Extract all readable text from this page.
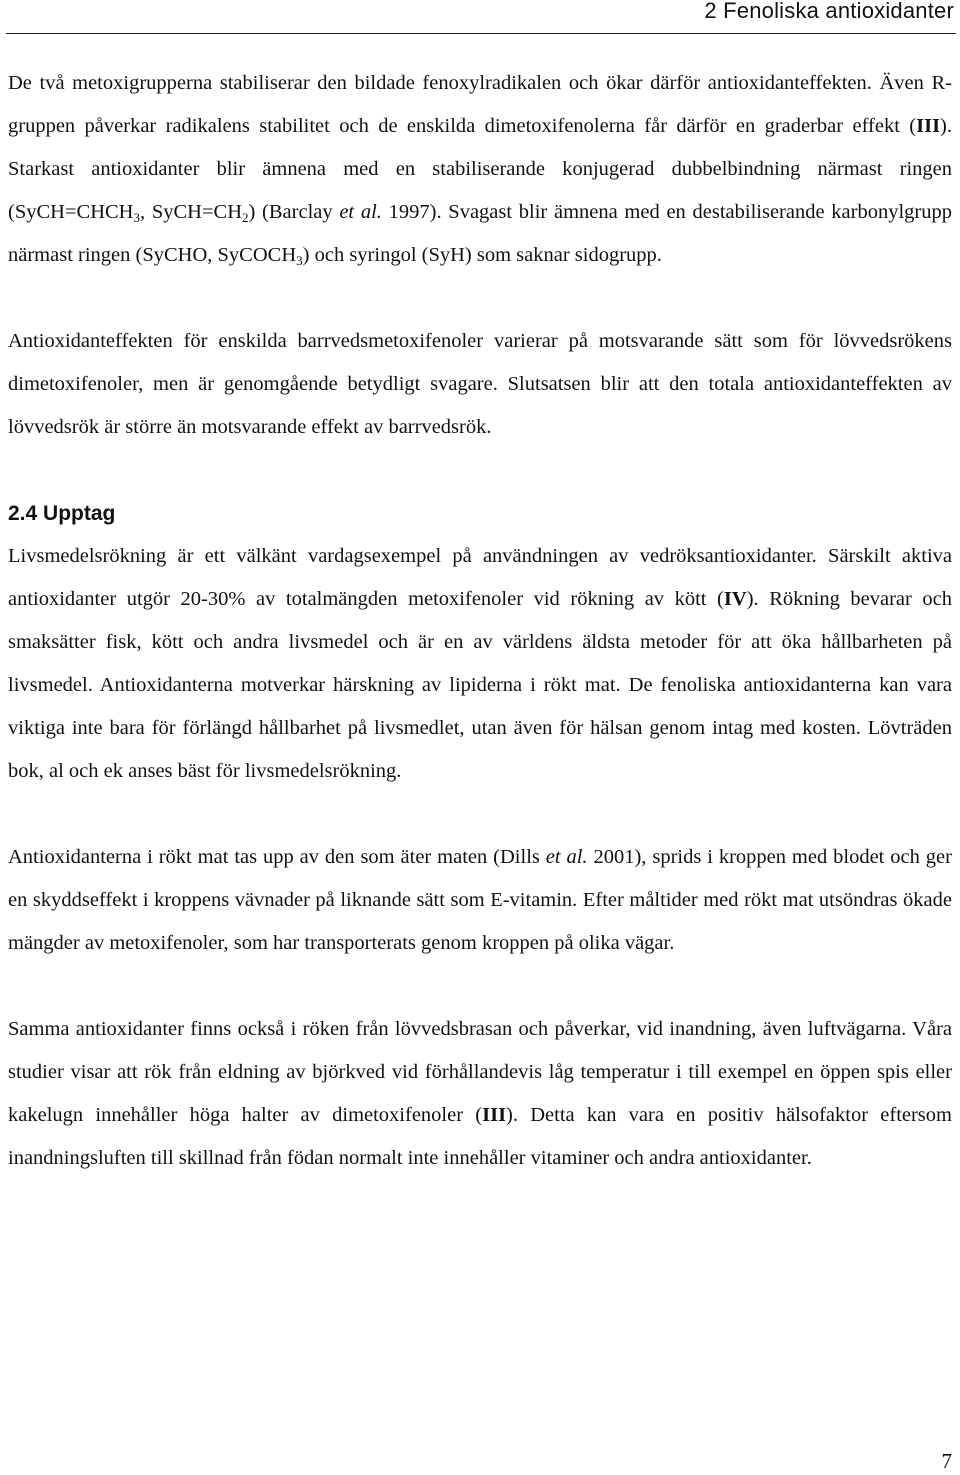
2 Fenoliska antioxidanter

De två metoxigrupperna stabiliserar den bildade fenoxylradikalen och ökar därför antioxidanteffekten. Även R-gruppen påverkar radikalens stabilitet och de enskilda dimetoxifenolerna får därför en graderbar effekt (III). Starkast antioxidanter blir ämnena med en stabiliserande konjugerad dubbelbindning närmast ringen ($SyCH=CHCH_3$, $SyCH=CH_2$) (Barclay et al. 1997). Svagast blir ämnena med en destabiliserande karbonylgrupp närmast ringen (SyCHO, SyCOCH$_3$) och syringol (SyH) som saknar sidogrupp.

Antioxidanteffekten för enskilda barrvedsmetoxifenoler varierar på motsvarande sätt som för lövvedsrökens dimetoxifenoler, men är genomgående betydligt svagare. Slutsatsen blir att den totala antioxidanteffekten av lövvedsrök är större än motsvarande effekt av barrvedsrök.

2.4 Upptag

Livsmedelsrökning är ett välkänt vardagsexempel på användningen av vedröksantioxidanter. Särskilt aktiva antioxidanter utgör 20-30% av totalmängden metoxifenoler vid rökning av kött (IV). Rökning bevarar och smaksätter fisk, kött och andra livsmedel och är en av världens äldsta metoder för att öka hållbarheten på livsmedel. Antioxidanterna motverkar härskning av lipiderna i rökt mat. De fenoliska antioxidanterna kan vara viktiga inte bara för förlängd hållbarhet på livsmedlet, utan även för hälsan genom intag med kosten. Lövträden bok, al och ek anses bäst för livsmedelsrökning.

Antioxidanterna i rökt mat tas upp av den som äter maten (Dills et al. 2001), sprids i kroppen med blodet och ger en skyddseffekt i kroppens vävnader på liknande sätt som E-vitamin. Efter måltider med rökt mat utsöndras ökade mängder av metoxifenoler, som har transporterats genom kroppen på olika vägar.

Samma antioxidanter finns också i röken från lövvedsbrasan och påverkar, vid inandning, även luftvägarna. Våra studier visar att rök från eldning av björkved vid förhållandevis låg temperatur i till exempel en öppen spis eller kakelugn innehåller höga halter av dimetoxifenoler (III). Detta kan vara en positiv hälsofaktor eftersom inandningsluften till skillnad från födan normalt inte innehåller vitaminer och andra antioxidanter.

7
